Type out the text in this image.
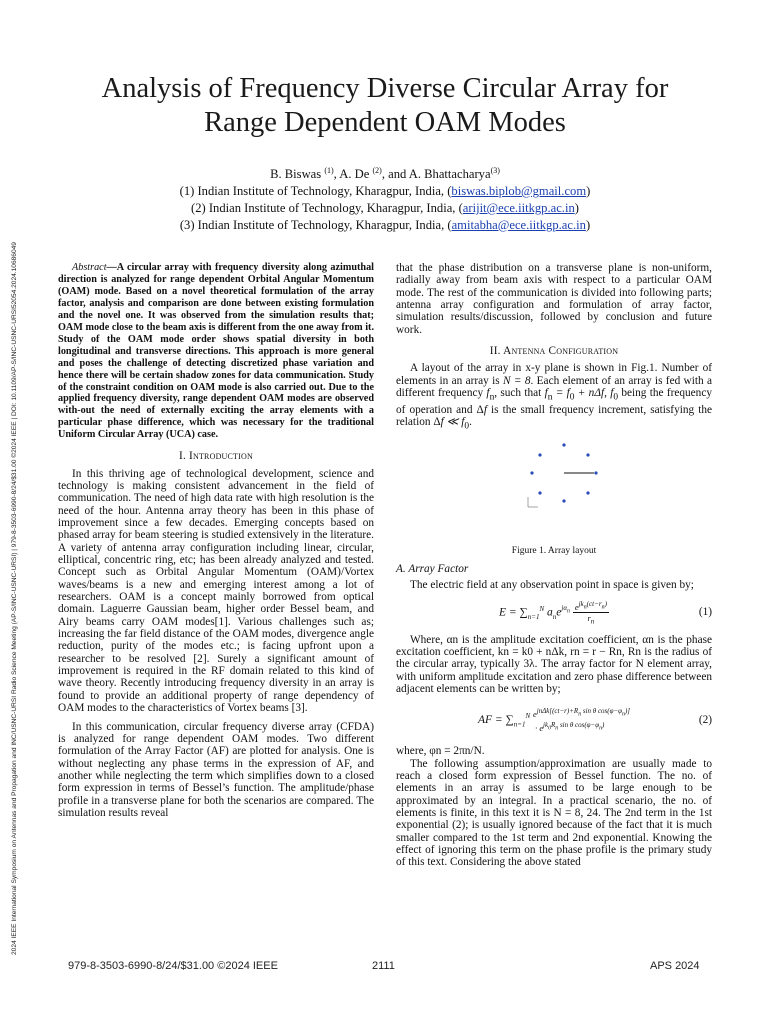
2024 IEEE International Symposium on Antennas and Propagation and INC/USNC-URSI Radio Science Meeting (AP-S/INC-USNC-URSI) | 979-8-3503-6990-8/24/$31.00 ©2024 IEEE | DOI: 10.1109/AP-S/INC-USNC-URSI52054.2024.10686049
Analysis of Frequency Diverse Circular Array for
Range Dependent OAM Modes
B. Biswas $^{(1)}$, A. De $^{(2)}$, and A. Bhattacharya$^{(3)}$
(1) Indian Institute of Technology, Kharagpur, India, (biswas.biplob@gmail.com)
(2) Indian Institute of Technology, Kharagpur, India, (arijit@ece.iitkgp.ac.in)
(3) Indian Institute of Technology, Kharagpur, India, (amitabha@ece.iitkgp.ac.in)

Abstract—A circular array with frequency diversity along azimuthal direction is analyzed for range dependent Orbital Angular Momentum (OAM) mode. Based on a novel theoretical formulation of the array factor, analysis and comparison are done between existing formulation and the novel one. It was observed from the simulation results that; OAM mode close to the beam axis is different from the one away from it. Study of the OAM mode order shows spatial diversity in both longitudinal and transverse directions. This approach is more general and poses the challenge of detecting discretized phase variation and hence there will be certain shadow zones for data communication. Study of the constraint condition on OAM mode is also carried out. Due to the applied frequency diversity, range dependent OAM modes are observed with-out the need of externally exciting the array elements with a particular phase difference, which was necessary for the traditional Uniform Circular Array (UCA) case.

I. Introduction

In this thriving age of technological development, science and technology is making consistent advancement in the field of communication. The need of high data rate with high resolution is the need of the hour. Antenna array theory has been in this phase of improvement since a few decades. Emerging concepts based on phased array for beam steering is studied extensively in the literature. A variety of antenna array configuration including linear, circular, elliptical, concentric ring, etc; has been already analyzed and tested. Concept such as Orbital Angular Momentum (OAM)/Vortex waves/beams is a new and emerging interest among a lot of researchers. OAM is a concept mainly borrowed from optical domain. Laguerre Gaussian beam, higher order Bessel beam, and Airy beams carry OAM modes[1]. Various challenges such as; increasing the far field distance of the OAM modes, divergence angle reduction, purity of the modes etc.; is facing upfront upon a researcher to be resolved [2]. Surely a significant amount of improvement is required in the RF domain related to this kind of wave theory. Recently introducing frequency diversity in an array is found to provide an additional property of range dependency of OAM modes to the characteristics of Vortex beams [3].

In this communication, circular frequency diverse array (CFDA) is analyzed for range dependent OAM modes. Two different formulation of the Array Factor (AF) are plotted for analysis. One is without neglecting any phase terms in the expression of AF, and another while neglecting the term which simplifies down to a closed form expression in terms of Bessel’s function. The amplitude/phase profile in a transverse plane for both the scenarios are compared. The simulation results reveal

that the phase distribution on a transverse plane is non-uniform, radially away from beam axis with respect to a particular OAM mode. The rest of the communication is divided into following parts; antenna array configuration and formulation of array factor, simulation results/discussion, followed by conclusion and future work.

II. Antenna Configuration

A layout of the array in x-y plane is shown in Fig.1. Number of elements in an array is N = 8. Each element of an array is fed with a different frequency $f_n$, such that $f_n = f_0 + n\Delta f$, $f_0$ being the frequency of operation and Δf is the small frequency increment, satisfying the relation Δf ≪ $f_0$.

Figure 1. Array layout
A. Array Factor

The electric field at any observation point in space is given by;

$E = \sum_{n=1}^N$ $a_ne^{j\alpha_n} \frac{e^{jk_n(ct-r_n)}}{r_n}$	(1)

Where, αn is the amplitude excitation coefficient, αn is the phase excitation coefficient, kn = k0 + nΔk, rn = r − Rn, Rn is the radius of the circular array, typically 3λ. The array factor for N element array, with uniform amplitude excitation and zero phase difference between adjacent elements can be written by;

AF = $\sum_{n=1}^N$ $e^{jn\Delta k[(ct-r)+R_n sin \theta cos(\varphi-\varphi_n)]}$
· $e^{jk_0R_n sin \theta cos(\varphi-\varphi_n)}$	(2)

where, φn = 2πn/N.

The following assumption/approximation are usually made to reach a closed form expression of Bessel function. The no. of elements in an array is assumed to be large enough to be approximated by an integral. In a practical scenario, the no. of elements is finite, in this text it is N = 8, 24. The 2nd term in the 1st exponential (2); is usually ignored because of the fact that it is much smaller compared to the 1st term and 2nd exponential. Knowing the effect of ignoring this term on the phase profile is the primary study of this text. Considering the above stated

979-8-3503-6990-8/24/$31.00 ©2024 IEEE	2111	APS 2024
